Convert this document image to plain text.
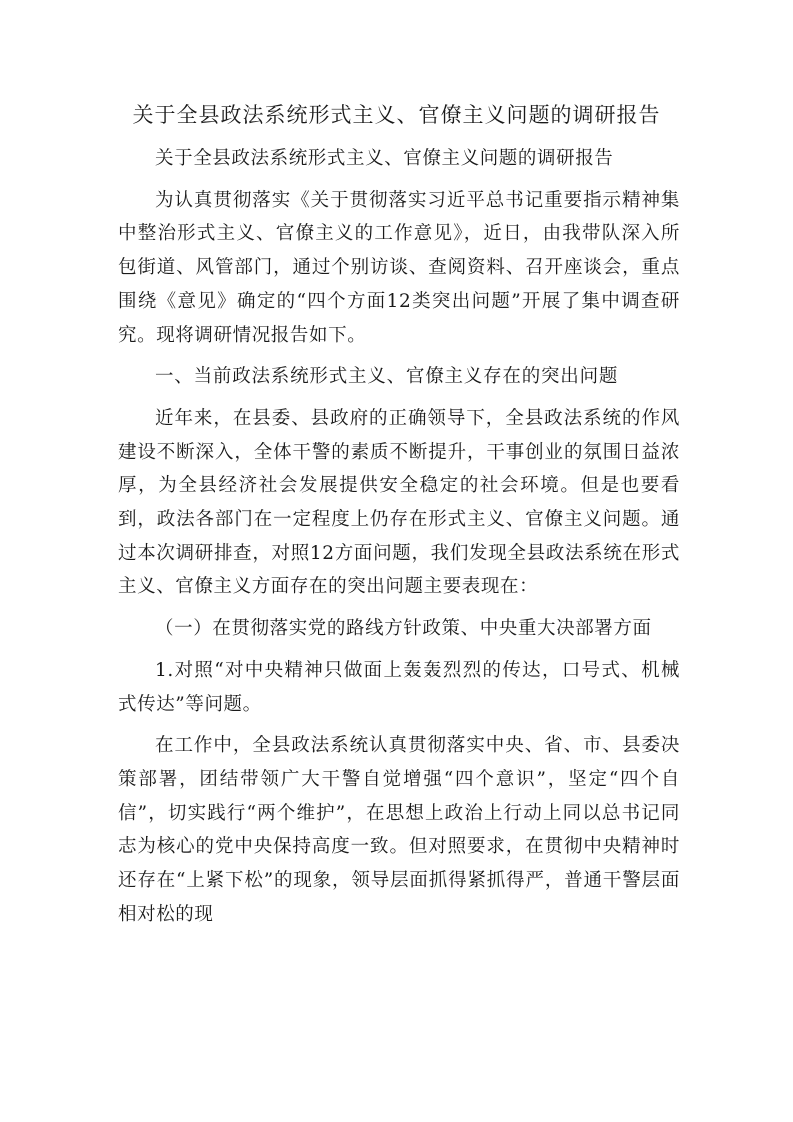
关于全县政法系统形式主义、官僚主义问题的调研报告

关于全县政法系统形式主义、官僚主义问题的调研报告

为认真贯彻落实《关于贯彻落实习近平总书记重要指示精神集中整治形式主义、官僚主义的工作意见》，近日，由我带队深入所包街道、风管部门，通过个别访谈、查阅资料、召开座谈会，重点围绕《意见》确定的“四个方面12类突出问题”开展了集中调查研究。现将调研情况报告如下。

一、当前政法系统形式主义、官僚主义存在的突出问题

近年来，在县委、县政府的正确领导下，全县政法系统的作风建设不断深入，全体干警的素质不断提升，干事创业的氛围日益浓厚，为全县经济社会发展提供安全稳定的社会环境。但是也要看到，政法各部门在一定程度上仍存在形式主义、官僚主义问题。通过本次调研排查，对照12方面问题，我们发现全县政法系统在形式主义、官僚主义方面存在的突出问题主要表现在：

（一）在贯彻落实党的路线方针政策、中央重大决部署方面

1.对照“对中央精神只做面上轰轰烈烈的传达，口号式、机械式传达”等问题。

在工作中，全县政法系统认真贯彻落实中央、省、市、县委决策部署，团结带领广大干警自觉增强“四个意识”，坚定“四个自信”，切实践行“两个维护”，在思想上政治上行动上同以总书记同志为核心的党中央保持高度一致。但对照要求，在贯彻中央精神时还存在“上紧下松”的现象，领导层面抓得紧抓得严，普通干警层面相对松的现
